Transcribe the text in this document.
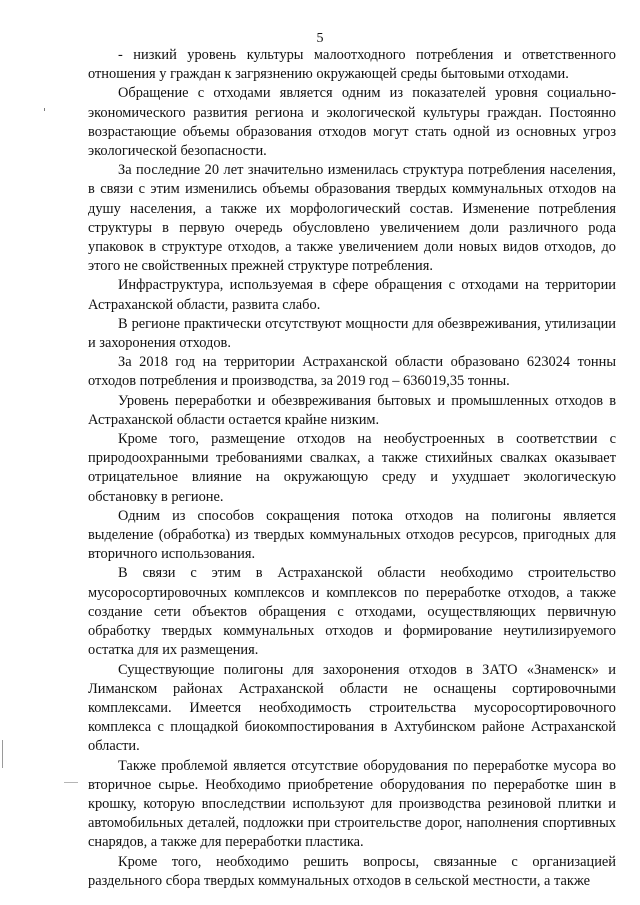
5

- низкий уровень культуры малоотходного потребления и ответственного отношения у граждан к загрязнению окружающей среды бытовыми отходами.

Обращение с отходами является одним из показателей уровня социально-экономического развития региона и экологической культуры граждан. Постоянно возрастающие объемы образования отходов могут стать одной из основных угроз экологической безопасности.

За последние 20 лет значительно изменилась структура потребления населения, в связи с этим изменились объемы образования твердых коммунальных отходов на душу населения, а также их морфологический состав. Изменение потребления структуры в первую очередь обусловлено увеличением доли различного рода упаковок в структуре отходов, а также увеличением доли новых видов отходов, до этого не свойственных прежней структуре потребления.

Инфраструктура, используемая в сфере обращения с отходами на территории Астраханской области, развита слабо.

В регионе практически отсутствуют мощности для обезвреживания, утилизации и захоронения отходов.

За 2018 год на территории Астраханской области образовано 623024 тонны отходов потребления и производства, за 2019 год – 636019,35 тонны.

Уровень переработки и обезвреживания бытовых и промышленных отходов в Астраханской области остается крайне низким.

Кроме того, размещение отходов на необустроенных в соответствии с природоохранными требованиями свалках, а также стихийных свалках оказывает отрицательное влияние на окружающую среду и ухудшает экологическую обстановку в регионе.

Одним из способов сокращения потока отходов на полигоны является выделение (обработка) из твердых коммунальных отходов ресурсов, пригодных для вторичного использования.

В связи с этим в Астраханской области необходимо строительство мусоросортировочных комплексов и комплексов по переработке отходов, а также создание сети объектов обращения с отходами, осуществляющих первичную обработку твердых коммунальных отходов и формирование неутилизируемого остатка для их размещения.

Существующие полигоны для захоронения отходов в ЗАТО «Знаменск» и Лиманском районах Астраханской области не оснащены сортировочными комплексами. Имеется необходимость строительства мусоросортировочного комплекса с площадкой биокомпостирования в Ахтубинском районе Астраханской области.

Также проблемой является отсутствие оборудования по переработке мусора во вторичное сырье. Необходимо приобретение оборудования по переработке шин в крошку, которую впоследствии используют для производства резиновой плитки и автомобильных деталей, подложки при строительстве дорог, наполнения спортивных снарядов, а также для переработки пластика.

Кроме того, необходимо решить вопросы, связанные с организацией раздельного сбора твердых коммунальных отходов в сельской местности, а также
